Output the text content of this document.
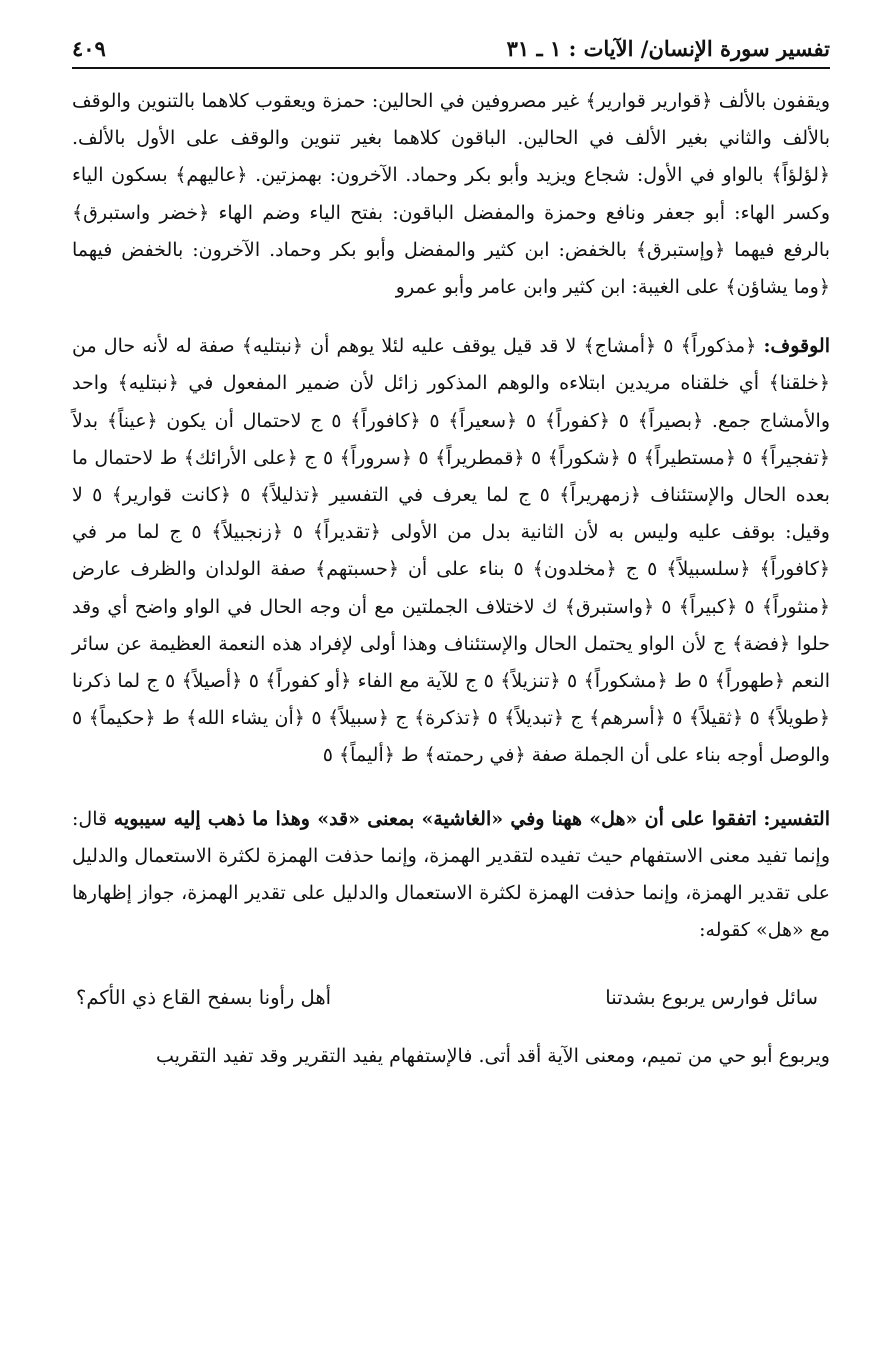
تفسير سورة الإنسان/ الآيات : ١ ـ ٣١
٤٠٩

ويقفون بالألف ﴿قوارير قوارير﴾ غير مصروفين في الحالين: حمزة ويعقوب كلاهما بالتنوين والوقف بالألف والثاني بغير الألف في الحالين. الباقون كلاهما بغير تنوين والوقف على الأول بالألف. ﴿لؤلؤاً﴾ بالواو في الأول: شجاع ويزيد وأبو بكر وحماد. الآخرون: بهمزتين. ﴿عاليهم﴾ بسكون الياء وكسر الهاء: أبو جعفر ونافع وحمزة والمفضل الباقون: بفتح الياء وضم الهاء ﴿خضر واستبرق﴾ بالرفع فيهما ﴿وإستبرق﴾ بالخفض: ابن كثير والمفضل وأبو بكر وحماد. الآخرون: بالخفض فيهما ﴿وما يشاؤن﴾ على الغيبة: ابن كثير وابن عامر وأبو عمرو

الوقوف: ﴿مذكوراً﴾ ٥ ﴿أمشاج﴾ لا قد قيل يوقف عليه لئلا يوهم أن ﴿نبتليه﴾ صفة له لأنه حال من ﴿خلقنا﴾ أي خلقناه مريدين ابتلاءه والوهم المذكور زائل لأن ضمير المفعول في ﴿نبتليه﴾ واحد والأمشاج جمع. ﴿بصيراً﴾ ٥ ﴿كفوراً﴾ ٥ ﴿سعيراً﴾ ٥ ﴿كافوراً﴾ ٥ ج لاحتمال أن يكون ﴿عيناً﴾ بدلاً ﴿تفجيراً﴾ ٥ ﴿مستطيراً﴾ ٥ ﴿شكوراً﴾ ٥ ﴿قمطريراً﴾ ٥ ﴿سروراً﴾ ٥ ج ﴿على الأرائك﴾ ط لاحتمال ما بعده الحال والإستئناف ﴿زمهريراً﴾ ٥ ج لما يعرف في التفسير ﴿تذليلاً﴾ ٥ ﴿كانت قوارير﴾ ٥ لا وقيل: بوقف عليه وليس به لأن الثانية بدل من الأولى ﴿تقديراً﴾ ٥ ﴿زنجبيلاً﴾ ٥ ج لما مر في ﴿كافوراً﴾ ﴿سلسبيلاً﴾ ٥ ج ﴿مخلدون﴾ ٥ بناء على أن ﴿حسبتهم﴾ صفة الولدان والظرف عارض ﴿منثوراً﴾ ٥ ﴿كبيراً﴾ ٥ ﴿واستبرق﴾ ك لاختلاف الجملتين مع أن وجه الحال في الواو واضح أي وقد حلوا ﴿فضة﴾ ج لأن الواو يحتمل الحال والإستئناف وهذا أولى لإفراد هذه النعمة العظيمة عن سائر النعم ﴿طهوراً﴾ ٥ ط ﴿مشكوراً﴾ ٥ ﴿تنزيلاً﴾ ٥ ج للآية مع الفاء ﴿أو كفوراً﴾ ٥ ﴿أصيلاً﴾ ٥ ج لما ذكرنا ﴿طويلاً﴾ ٥ ﴿ثقيلاً﴾ ٥ ﴿أسرهم﴾ ج ﴿تبديلاً﴾ ٥ ﴿تذكرة﴾ ج ﴿سبيلاً﴾ ٥ ﴿أن يشاء الله﴾ ط ﴿حكيماً﴾ ٥ والوصل أوجه بناء على أن الجملة صفة ﴿في رحمته﴾ ط ﴿أليماً﴾ ٥

التفسير: اتفقوا على أن «هل» ههنا وفي «الغاشية» بمعنى «قد» وهذا ما ذهب إليه سيبويه قال: وإنما تفيد معنى الاستفهام حيث تفيده لتقدير الهمزة، وإنما حذفت الهمزة لكثرة الاستعمال والدليل على تقدير الهمزة، وإنما حذفت الهمزة لكثرة الاستعمال والدليل على تقدير الهمزة، جواز إظهارها مع «هل» كقوله:

سائل فوارس يربوع بشدتنا
أهل رأونا بسفح القاع ذي الأكم؟

ويربوع أبو حي من تميم، ومعنى الآية أقد أتى. فالإستفهام يفيد التقرير وقد تفيد التقريب
